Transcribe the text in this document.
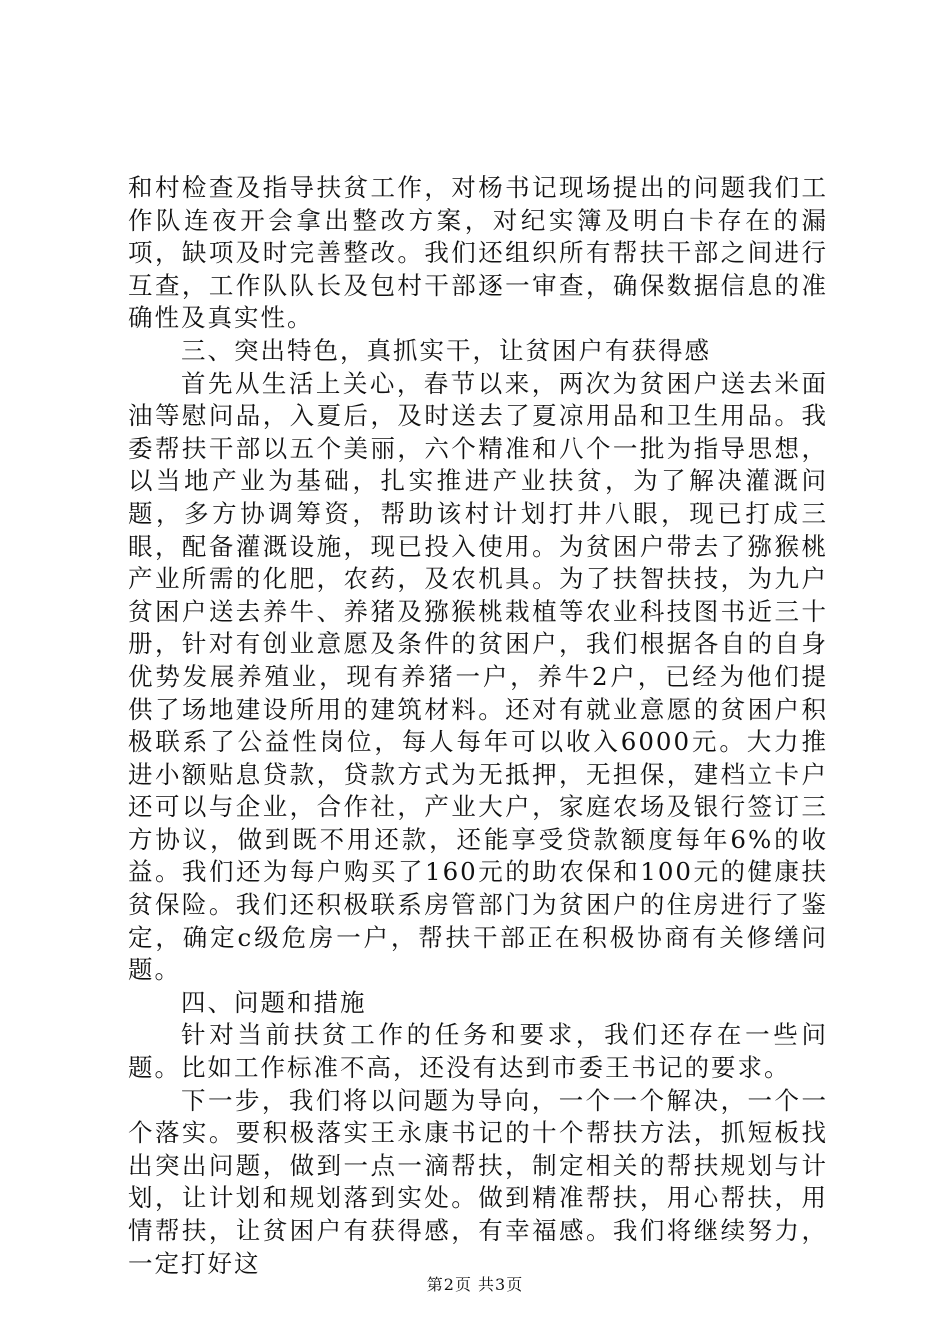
和村检查及指导扶贫工作，对杨书记现场提出的问题我们工作队连夜开会拿出整改方案，对纪实簿及明白卡存在的漏项，缺项及时完善整改。我们还组织所有帮扶干部之间进行互查，工作队队长及包村干部逐一审查，确保数据信息的准确性及真实性。

三、突出特色，真抓实干，让贫困户有获得感

首先从生活上关心，春节以来，两次为贫困户送去米面油等慰问品，入夏后，及时送去了夏凉用品和卫生用品。我委帮扶干部以五个美丽，六个精准和八个一批为指导思想，以当地产业为基础，扎实推进产业扶贫，为了解决灌溉问题，多方协调筹资，帮助该村计划打井八眼，现已打成三眼，配备灌溉设施，现已投入使用。为贫困户带去了猕猴桃产业所需的化肥，农药，及农机具。为了扶智扶技，为九户贫困户送去养牛、养猪及猕猴桃栽植等农业科技图书近三十册，针对有创业意愿及条件的贫困户，我们根据各自的自身优势发展养殖业，现有养猪一户，养牛2户，已经为他们提供了场地建设所用的建筑材料。还对有就业意愿的贫困户积极联系了公益性岗位，每人每年可以收入6000元。大力推进小额贴息贷款，贷款方式为无抵押，无担保，建档立卡户还可以与企业，合作社，产业大户，家庭农场及银行签订三方协议，做到既不用还款，还能享受贷款额度每年6%的收益。我们还为每户购买了160元的助农保和100元的健康扶贫保险。我们还积极联系房管部门为贫困户的住房进行了鉴定，确定c级危房一户，帮扶干部正在积极协商有关修缮问题。

四、问题和措施

针对当前扶贫工作的任务和要求，我们还存在一些问题。比如工作标准不高，还没有达到市委王书记的要求。

下一步，我们将以问题为导向，一个一个解决，一个一个落实。要积极落实王永康书记的十个帮扶方法，抓短板找出突出问题，做到一点一滴帮扶，制定相关的帮扶规划与计划，让计划和规划落到实处。做到精准帮扶，用心帮扶，用情帮扶，让贫困户有获得感，有幸福感。我们将继续努力，一定打好这

第2页 共3页
